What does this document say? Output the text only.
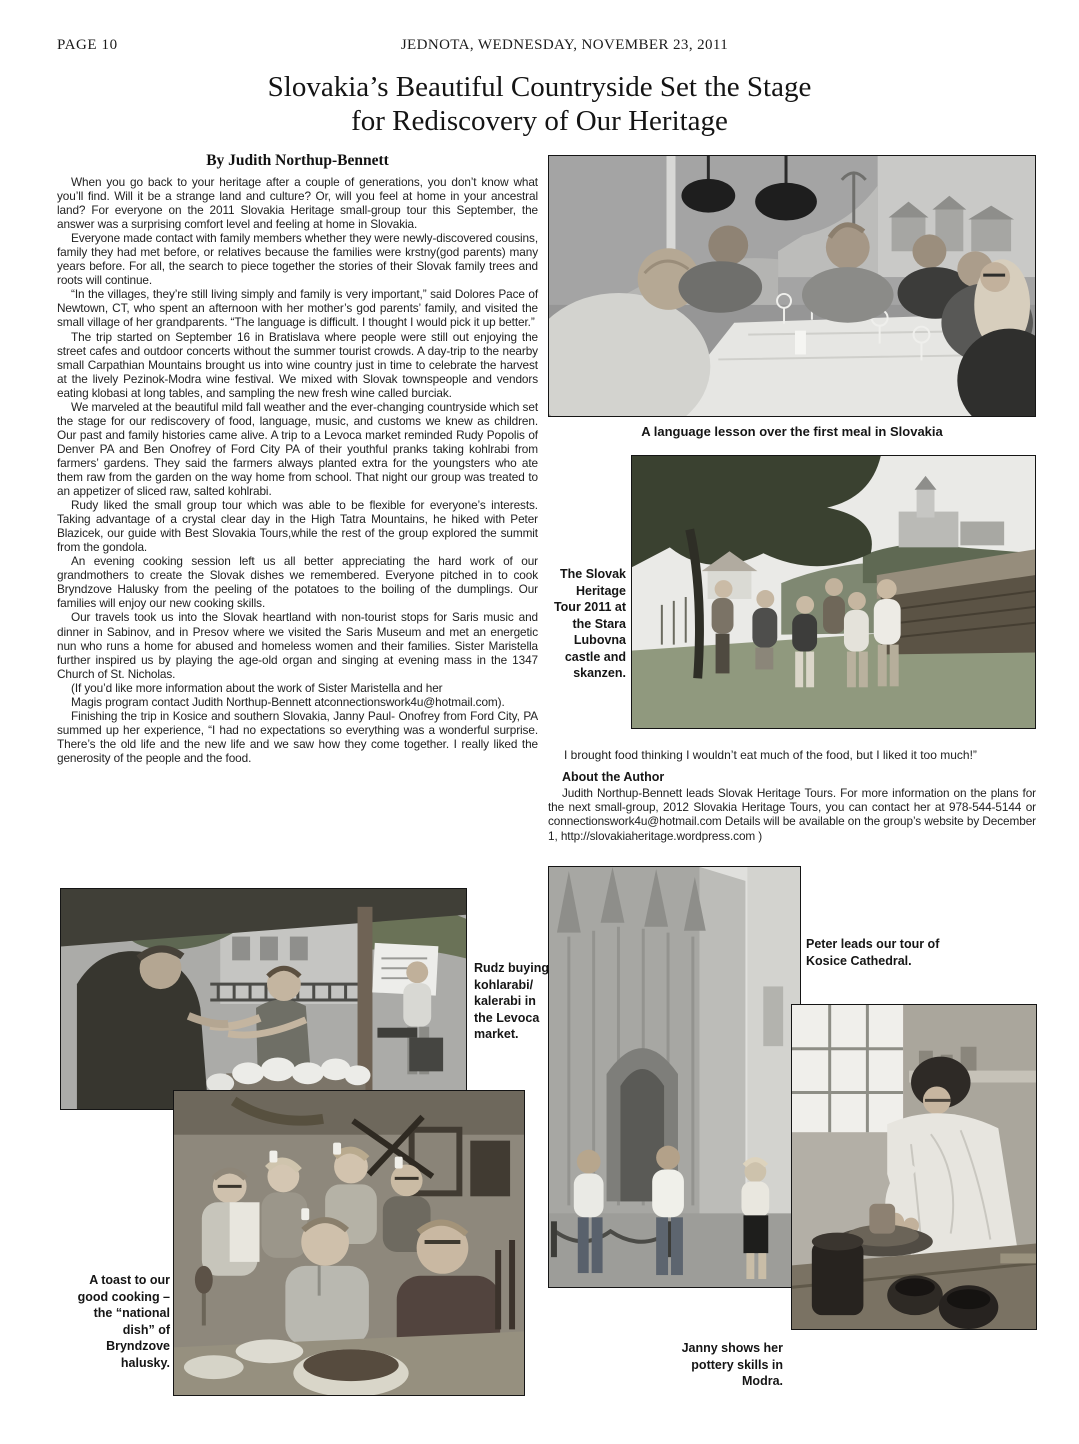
PAGE 10	JEDNOTA, WEDNESDAY, NOVEMBER 23, 2011
Slovakia’s Beautiful Countryside Set the Stage
for Rediscovery of Our Heritage
By Judith Northup-Bennett

When you go back to your heritage after a couple of generations, you don’t know what you’ll find. Will it be a strange land and culture? Or, will you feel at home in your ancestral land? For everyone on the 2011 Slovakia Heritage small-group tour this September, the answer was a surprising comfort level and feeling at home in Slovakia.

Everyone made contact with family members whether they were newly-discovered cousins, family they had met before, or relatives because the families were krstny(god parents) many years before. For all, the search to piece together the stories of their Slovak family trees and roots will continue.

“In the villages, they’re still living simply and family is very important,” said Dolores Pace of Newtown, CT, who spent an afternoon with her mother’s god parents’ family, and visited the small village of her grandparents. “The language is difficult. I thought I would pick it up better.”

The trip started on September 16 in Bratislava where people were still out enjoying the street cafes and outdoor concerts without the summer tourist crowds. A day-trip to the nearby small Carpathian Mountains brought us into wine country just in time to celebrate the harvest at the lively Pezinok-Modra wine festival. We mixed with Slovak townspeople and vendors eating klobasi at long tables, and sampling the new fresh wine called burciak.

We marveled at the beautiful mild fall weather and the ever-changing countryside which set the stage for our rediscovery of food, language, music, and customs we knew as children. Our past and family histories came alive. A trip to a Levoca market reminded Rudy Popolis of Denver PA and Ben Onofrey of Ford City PA of their youthful pranks taking kohlrabi from farmers’ gardens. They said the farmers always planted extra for the youngsters who ate them raw from the garden on the way home from school. That night our group was treated to an appetizer of sliced raw, salted kohlrabi.

Rudy liked the small group tour which was able to be flexible for everyone’s interests. Taking advantage of a crystal clear day in the High Tatra Mountains, he hiked with Peter Blazicek, our guide with Best Slovakia Tours,while the rest of the group explored the summit from the gondola.

An evening cooking session left us all better appreciating the hard work of our grandmothers to create the Slovak dishes we remembered. Everyone pitched in to cook Bryndzove Halusky from the peeling of the potatoes to the boiling of the dumplings. Our families will enjoy our new cooking skills.

Our travels took us into the Slovak heartland with non-tourist stops for Saris music and dinner in Sabinov, and in Presov where we visited the Saris Museum and met an energetic nun who runs a home for abused and homeless women and their families. Sister Maristella further inspired us by playing the age-old organ and singing at evening mass in the 1347 Church of St. Nicholas.

(If you’d like more information about the work of Sister Maristella and her

Magis program contact Judith Northup-Bennett atconnectionswork4u@hotmail.com).

Finishing the trip in Kosice and southern Slovakia, Janny Paul- Onofrey from Ford City, PA summed up her experience, “I had no expectations so everything was a wonderful surprise. There’s the old life and the new life and we saw how they come together. I really liked the generosity of the people and the food.

A language lesson over the first meal in Slovakia
The Slovak Heritage Tour 2011 at the Stara Lubovna castle and skanzen.
I brought food thinking I wouldn’t eat much of the food, but I liked it too much!”
About the Author
Judith Northup-Bennett leads Slovak Heritage Tours. For more information on the plans for the next small-group, 2012 Slovakia Heritage Tours, you can contact her at 978-544-5144 or connectionswork4u@hotmail.com Details will be available on the group’s website by December 1, http://slovakiaheritage.wordpress.com )
Rudz buying kohlarabi/ kalerabi in the Levoca market.
Peter leads our tour of Kosice Cathedral.
A toast to our good cooking – the “national dish” of Bryndzove halusky.
Janny shows her pottery skills in Modra.
